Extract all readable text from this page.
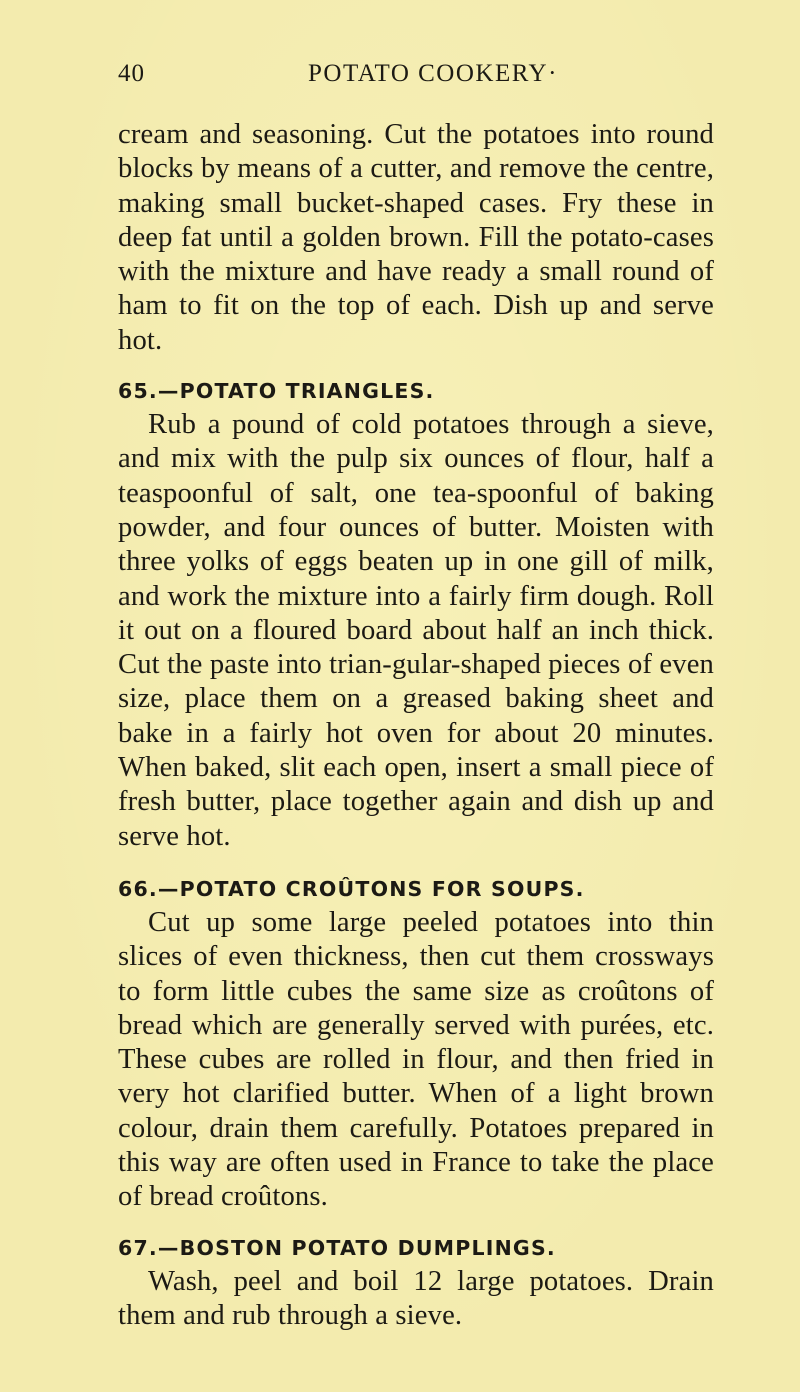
40	POTATO COOKERY·

cream and seasoning. Cut the potatoes into round blocks by means of a cutter, and remove the centre, making small bucket-shaped cases. Fry these in deep fat until a golden brown. Fill the potato-cases with the mixture and have ready a small round of ham to fit on the top of each. Dish up and serve hot.

65.—POTATO TRIANGLES.

Rub a pound of cold potatoes through a sieve, and mix with the pulp six ounces of flour, half a teaspoonful of salt, one tea-spoonful of baking powder, and four ounces of butter. Moisten with three yolks of eggs beaten up in one gill of milk, and work the mixture into a fairly firm dough. Roll it out on a floured board about half an inch thick. Cut the paste into trian-gular-shaped pieces of even size, place them on a greased baking sheet and bake in a fairly hot oven for about 20 minutes. When baked, slit each open, insert a small piece of fresh butter, place together again and dish up and serve hot.

66.—POTATO CROÛTONS FOR SOUPS.

Cut up some large peeled potatoes into thin slices of even thickness, then cut them crossways to form little cubes the same size as croûtons of bread which are generally served with purées, etc. These cubes are rolled in flour, and then fried in very hot clarified butter. When of a light brown colour, drain them carefully. Potatoes prepared in this way are often used in France to take the place of bread croûtons.

67.—BOSTON POTATO DUMPLINGS.

Wash, peel and boil 12 large potatoes. Drain them and rub through a sieve.
